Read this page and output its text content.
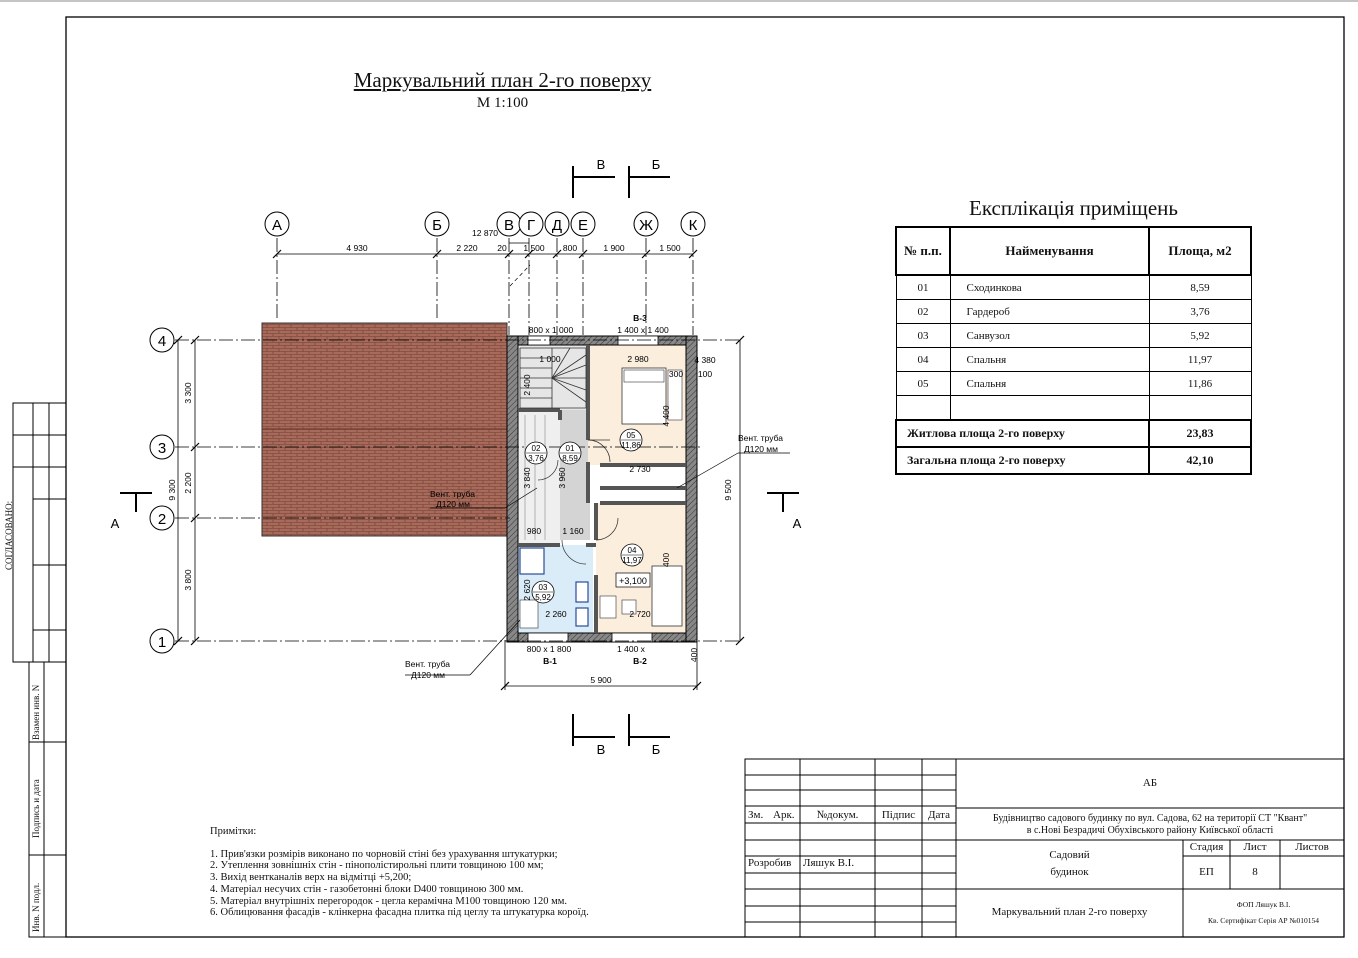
А	Б	В Г Д Е	Ж К
4
3
2
1
12 870
4 930	2 220 20 1 500 800	1 900	1 500
5 900
800 x 1 000	1 400 x 1 400
800 x 1 800	1 400 x
2 980
2 730
2 260	2 720
980	1 160
4 380
300 100
1 000
3 300
2 200
3 800
9 300	9 500
3 840
2 620
4 400
400
2 400
3 960
400
01
8,59
02
3,76
03
5,92
04
11,97
05
11,86
+3,100
В-3
В-1	В-2
Вент. труба
Д120 мм
Вент. труба
Д120 мм
Вент. труба
Д120 мм
В	Б
В	Б
А	А
Маркувальний план 2-го поверху
М 1:100
Експлікація приміщень
№ п.п.	Найменування	Площа, м2
01	Сходинкова	8,59
02	Гардероб	3,76
03	Санвузол	5,92
04	Спальня	11,97
05	Спальня	11,86

Житлова площа 2-го поверху		23,83
Загальна площа 2-го поверху		42,10
Примітки:
1. Прив'язки розмірів виконано по чорновій стіні без урахування штукатурки;
2. Утеплення зовнішніх стін - пінополістирольні плити товщиною 100 мм;
3. Вихід вентканалів верх на відмітці +5,200;
4. Матеріал несучих стін - газобетонні блоки D400 товщиною 300 мм.
5. Матеріал внутрішніх перегородок - цегла керамічна М100 товщиною 120 мм.
6. Облицювання фасадів - клінкерна фасадна плитка під цеглу та штукатурка короїд.
СОГЛАСОВАНО:
Взамен инв. N
Подпись и дата
Инв. N подл.
АБ
Будівництво садового будинку по вул. Садова, 62 на території СТ "Квант"
в с.Нові Безрадичі Обухівського району Київської області
Зм. Арк.	№докум.	Підпис	Дата
Розробив Ляшук В.І.
Садовий
будинок
Стадия	Лист	Листов
ЕП	8
Маркувальний план 2-го поверху
ФОП Ляшук В.І.
Кв. Сертифікат Серія АР №010154
